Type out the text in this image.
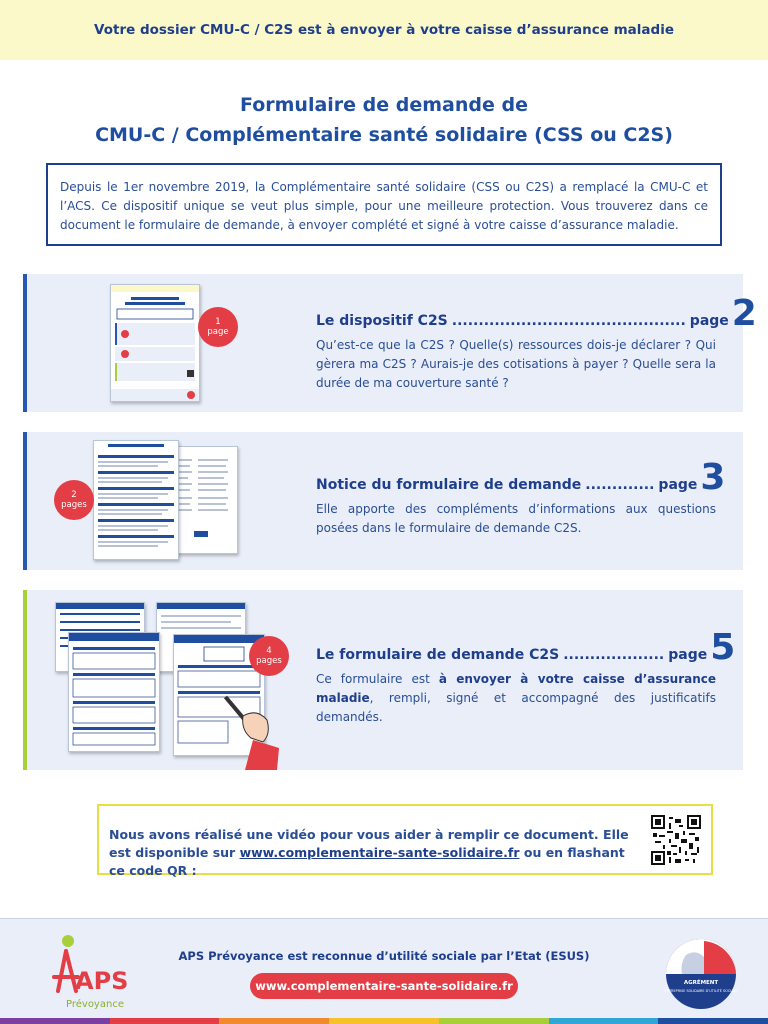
Votre dossier CMU-C / C2S est à envoyer à votre caisse d’assurance maladie
Formulaire de demande de
CMU-C / Complémentaire santé solidaire (CSS ou C2S)
Depuis le 1er novembre 2019, la Complémentaire santé solidaire (CSS ou C2S) a remplacé la CMU-C et l’ACS. Ce dispositif unique se veut plus simple, pour une meilleure protection. Vous trouverez dans ce document le formulaire de demande, à envoyer complété et signé à votre caisse d’assurance maladie.
1
page
Le dispositif C2S ............................................ page 2
Qu’est-ce que la C2S ? Quelle(s) ressources dois-je déclarer ? Qui gèrera ma C2S ? Aurais-je des cotisations à payer ? Quelle sera la durée de ma couverture santé ?
2
pages
Notice du formulaire de demande ............. page 3
Elle apporte des compléments d’informations aux questions posées dans le formulaire de demande C2S.
4
pages Le formulaire de demande C2S ................... page 5
Ce formulaire est à envoyer à votre caisse d’assurance maladie, rempli, signé et accompagné des justificatifs demandés.
Nous avons réalisé une vidéo pour vous aider à remplir ce document. Elle est disponible sur www.complementaire-sante-solidaire.fr ou en flashant ce code QR :
APS
Prévoyance
APS Prévoyance est reconnue d’utilité sociale par l’Etat (ESUS)
www.complementaire-sante-solidaire.fr	AGRÉMENT
ENTREPRISE SOLIDAIRE D’UTILITÉ SOCIALE
